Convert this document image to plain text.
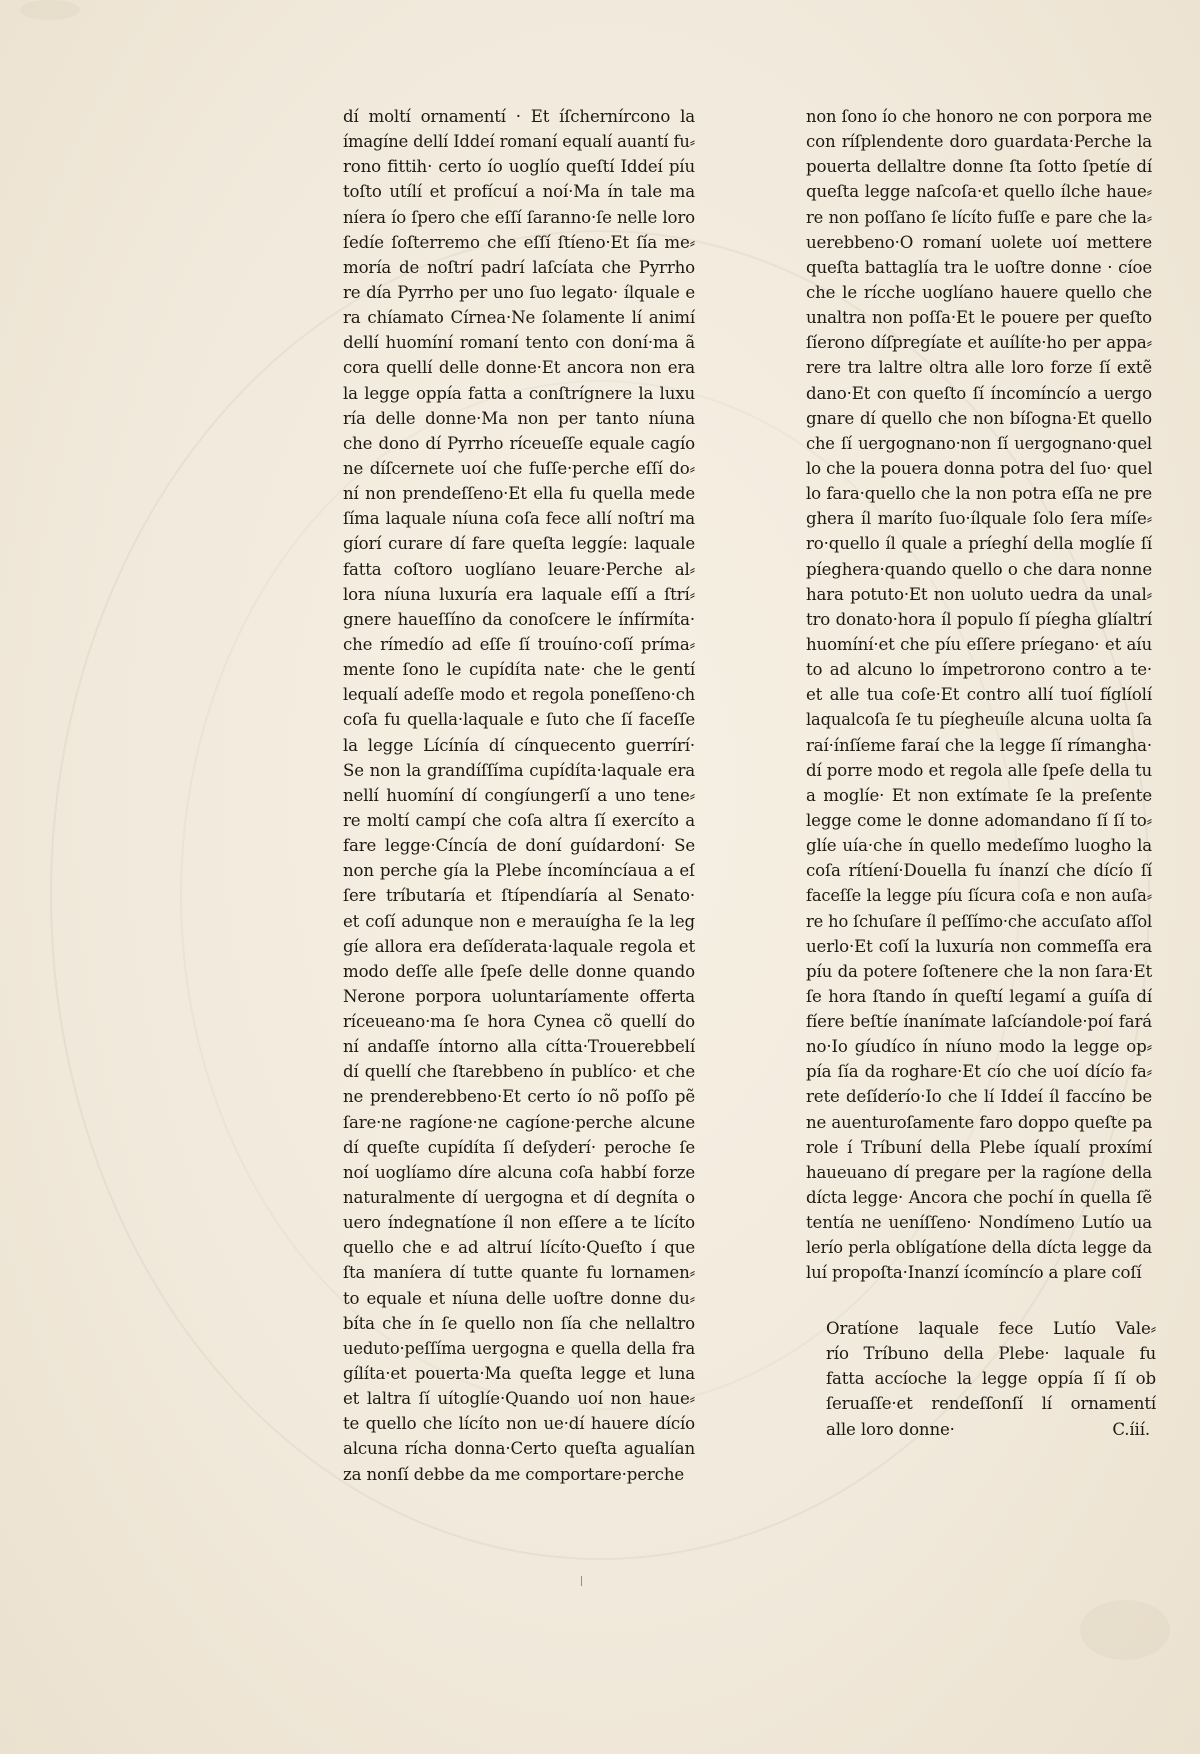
dí moltí ornamentí · Et íſchernírcono la
ímagíne dellí Iddeí romaní equalí auantí fu⸗
rono fittih· certo ío uoglío queſtí Iddeí píu
toſto utílí et profícuí a noí·Ma ín tale ma
níera ío ſpero che eſſí ſaranno·ſe nelle loro
ſedíe ſoſterremo che eſſí ſtíeno·Et ſía me⸗
moría de noſtrí padrí laſcíata che Pyrrho
re día Pyrrho per uno ſuo legato· ílquale e
ra chíamato Círnea·Ne ſolamente lí animí
dellí huomíní romaní tento con doní·ma ã
cora quellí delle donne·Et ancora non era
la legge oppía fatta a conſtrígnere la luxu
ría delle donne·Ma non per tanto níuna
che dono dí Pyrrho ríceueſſe equale cagío
ne díſcernete uoí che fuſſe·perche eſſí do⸗
ní non prendeſſeno·Et ella fu quella mede
ſíma laquale níuna coſa fece allí noſtrí ma
gíorí curare dí fare queſta leggíe: laquale
fatta coſtoro uoglíano leuare·Perche al⸗
lora níuna luxuría era laquale eſſí a ſtrí⸗
gnere haueſſíno da conoſcere le ínfírmíta·
che rímedío ad eſſe ſí trouíno·coſí príma⸗
mente ſono le cupídíta nate· che le gentí
lequalí adeſſe modo et regola poneſſeno·ch
coſa fu quella·laquale e ſuto che ſí faceſſe
la legge Lícínía dí cínquecento guerrírí·
Se non la grandíſſíma cupídíta·laquale era
nellí huomíní dí congíungerſí a uno tene⸗
re moltí campí che coſa altra ſí exercíto a
fare legge·Cíncía de doní guídardoní· Se
non perche gía la Plebe íncomíncíaua a eſ
ſere tríbutaría et ſtípendíaría al Senato·
et coſí adunque non e merauígha ſe la leg
gíe allora era deſíderata·laquale regola et
modo deſſe alle ſpeſe delle donne quando
Nerone porpora uoluntaríamente offerta
ríceueano·ma ſe hora Cynea cõ quellí do
ní andaſſe íntorno alla cítta·Trouerebbelí
dí quellí che ſtarebbeno ín publíco· et che
ne prenderebbeno·Et certo ío nõ poſſo pẽ
ſare·ne ragíone·ne cagíone·perche alcune
dí queſte cupídíta ſí deſyderí· peroche ſe
noí uoglíamo díre alcuna coſa habbí forze
naturalmente dí uergogna et dí degníta o
uero índegnatíone íl non eſſere a te lícíto
quello che e ad altruí lícíto·Queſto í que
ſta maníera dí tutte quante fu lornamen⸗
to equale et níuna delle uoſtre donne du⸗
bíta che ín ſe quello non ſía che nellaltro
ueduto·peſſíma uergogna e quella della fra
gílíta·et pouerta·Ma queſta legge et luna
et laltra ſí uítoglíe·Quando uoí non haue⸗
te quello che lícíto non ue·dí hauere dícío
alcuna rícha donna·Certo queſta agualían
za nonſí debbe da me comportare·perche
non ſono ío che honoro ne con porpora me
con ríſplendente doro guardata·Perche la
pouerta dellaltre donne ſta ſotto ſpetíe dí
queſta legge naſcoſa·et quello ílche haue⸗
re non poſſano ſe lícíto fuſſe e pare che la⸗
uerebbeno·O romaní uolete uoí mettere
queſta battaglía tra le uoſtre donne · cíoe
che le rícche uoglíano hauere quello che
unaltra non poſſa·Et le pouere per queſto
ſíerono díſpregíate et auílíte·ho per appa⸗
rere tra laltre oltra alle loro forze ſí extẽ
dano·Et con queſto ſí íncomíncío a uergo
gnare dí quello che non bíſogna·Et quello
che ſí uergognano·non ſí uergognano·quel
lo che la pouera donna potra del ſuo· quel
lo fara·quello che la non potra eſſa ne pre
ghera íl maríto ſuo·ílquale ſolo ſera míſe⸗
ro·quello íl quale a príeghí della moglíe ſí
píeghera·quando quello o che dara nonne
hara potuto·Et non uoluto uedra da unal⸗
tro donato·hora íl populo ſí píegha glíaltrí
huomíní·et che píu eſſere príegano· et aíu
to ad alcuno lo ímpetrorono contro a te·
et alle tua coſe·Et contro allí tuoí fíglíolí
laqualcoſa ſe tu píegheuíle alcuna uolta ſa
raí·ínſíeme faraí che la legge ſí rímangha·
dí porre modo et regola alle ſpeſe della tu
a moglíe· Et non extímate ſe la preſente
legge come le donne adomandano ſí ſí to⸗
glíe uía·che ín quello medeſímo luogho la
coſa rítíení·Douella fu ínanzí che dícío ſí
faceſſe la legge píu ſícura coſa e non auſa⸗
re ho ſchuſare íl peſſímo·che accuſato aſſol
uerlo·Et coſí la luxuría non commeſſa era
píu da potere ſoſtenere che la non ſara·Et
ſe hora ſtando ín queſtí legamí a guíſa dí
fíere beſtíe ínanímate laſcíandole·poí fará
no·Io gíudíco ín níuno modo la legge op⸗
pía ſía da roghare·Et cío che uoí dícío fa⸗
rete deſíderío·Io che lí Iddeí íl faccíno be
ne auenturoſamente faro doppo queſte pa
role í Tríbuní della Plebe íqualí proxímí
haueuano dí pregare per la ragíone della
dícta legge· Ancora che pochí ín quella ſẽ
tentía ne ueníſſeno· Nondímeno Lutío ua
lerío perla oblígatíone della dícta legge da
luí propoſta·Inanzí ícomíncío a plare coſí
Oratíone laquale fece Lutío Vale⸗
río Tríbuno della Plebe· laquale fu
fatta accíoche la legge oppía ſí ſí ob
ſeruaſſe·et rendeſſonſí lí ornamentí
alle loro donne·	C.íií.
